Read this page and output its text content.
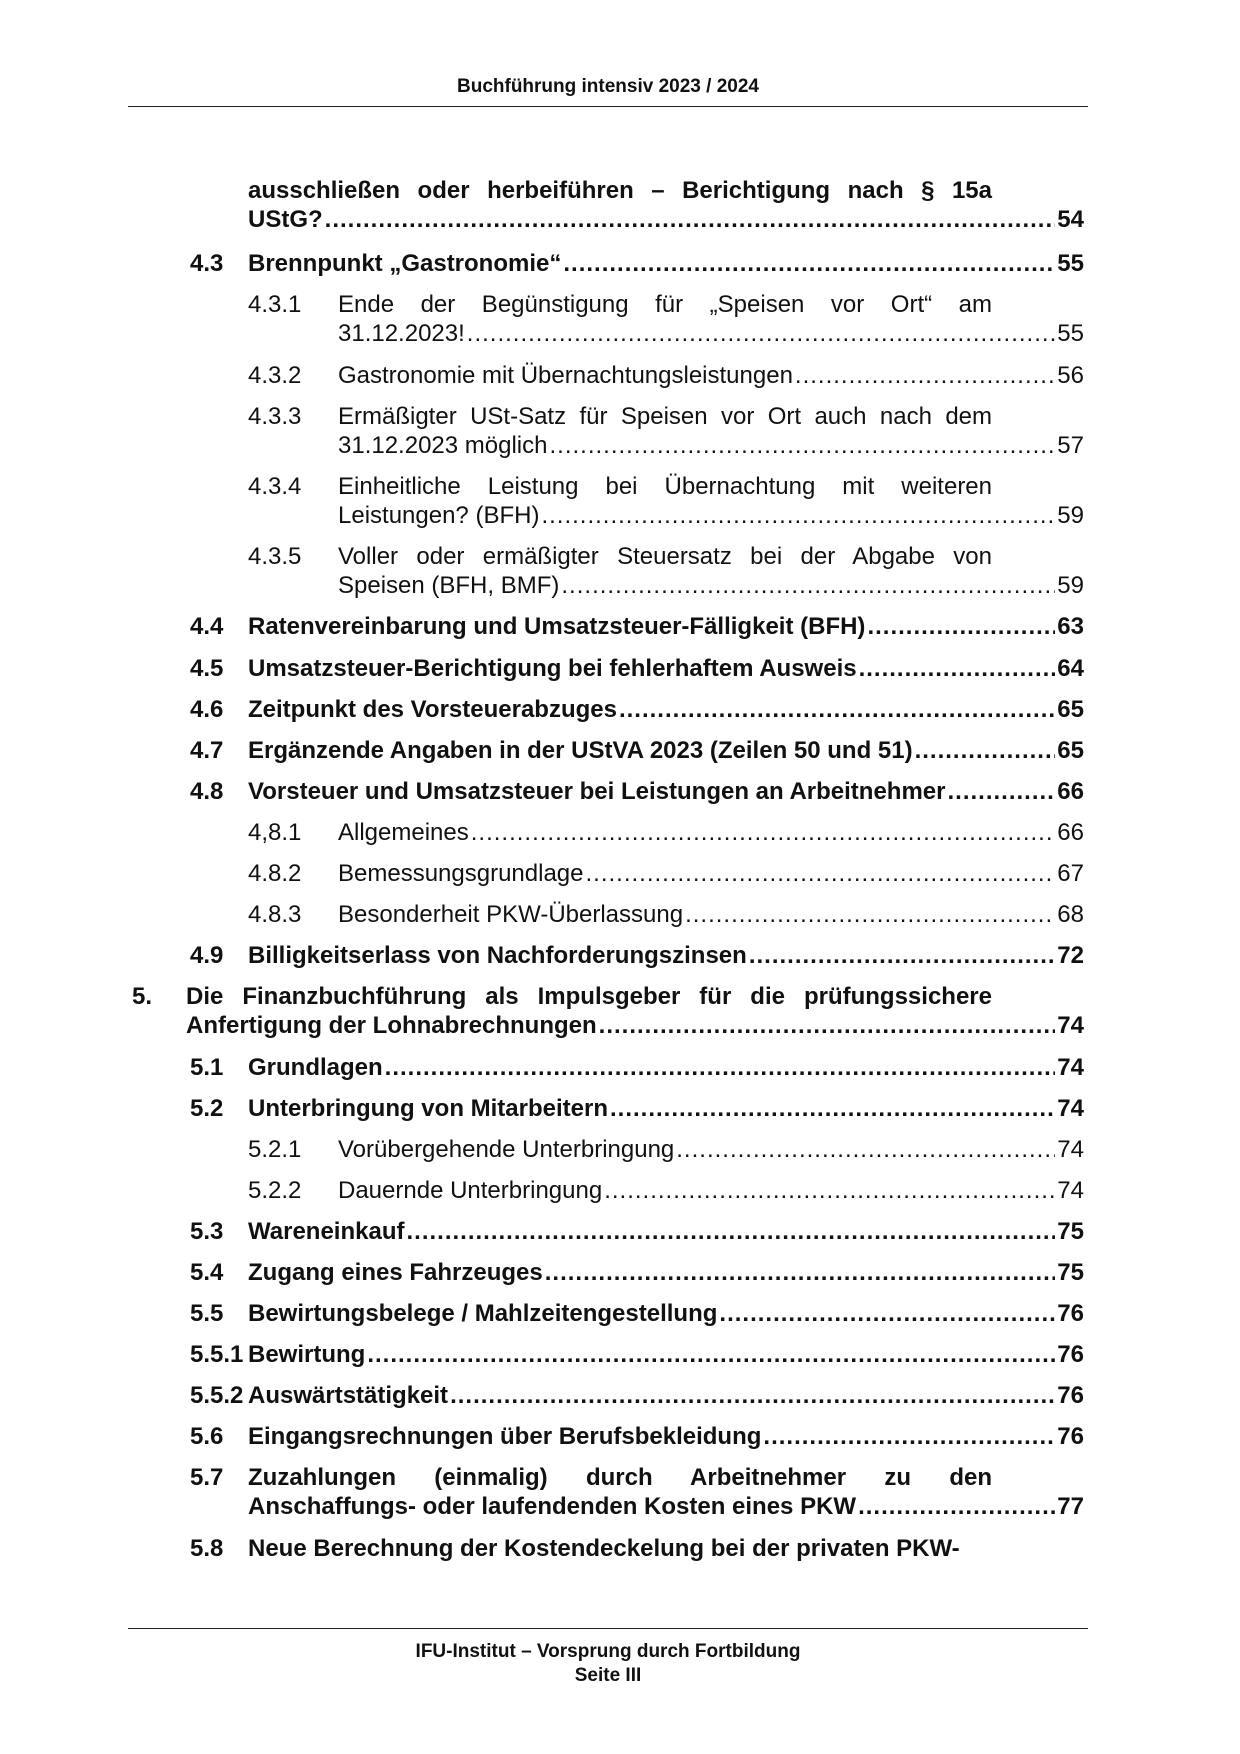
Buchführung intensiv 2023 / 2024
ausschließen oder herbeiführen – Berichtigung nach § 15a
UStG? .....	54
4.3 Brennpunkt „Gastronomie“ .....	55
4.3.1 Ende der Begünstigung für „Speisen vor Ort“ am
31.12.2023! .....	55
4.3.2 Gastronomie mit Übernachtungsleistungen .....	56
4.3.3 Ermäßigter USt-Satz für Speisen vor Ort auch nach dem
31.12.2023 möglich .....	57
4.3.4 Einheitliche Leistung bei Übernachtung mit weiteren
Leistungen? (BFH) .....	59
4.3.5 Voller oder ermäßigter Steuersatz bei der Abgabe von
Speisen (BFH, BMF) .....	59
4.4 Ratenvereinbarung und Umsatzsteuer-Fälligkeit (BFH) .....	63
4.5 Umsatzsteuer-Berichtigung bei fehlerhaftem Ausweis .....	64
4.6 Zeitpunkt des Vorsteuerabzuges .....	65
4.7 Ergänzende Angaben in der UStVA 2023 (Zeilen 50 und 51) .....	65
4.8 Vorsteuer und Umsatzsteuer bei Leistungen an Arbeitnehmer .....	66
4,8.1 Allgemeines .....	66
4.8.2 Bemessungsgrundlage .....	67
4.8.3 Besonderheit PKW-Überlassung .....	68
4.9 Billigkeitserlass von Nachforderungszinsen .....	72
5. Die Finanzbuchführung als Impulsgeber für die prüfungssichere
Anfertigung der Lohnabrechnungen .....	74
5.1 Grundlagen .....	74
5.2 Unterbringung von Mitarbeitern .....	74
5.2.1 Vorübergehende Unterbringung .....	74
5.2.2 Dauernde Unterbringung .....	74
5.3 Wareneinkauf .....	75
5.4 Zugang eines Fahrzeuges .....	75
5.5 Bewirtungsbelege / Mahlzeitengestellung .....	76
5.5.1 Bewirtung .....	76
5.5.2 Auswärtstätigkeit .....	76
5.6 Eingangsrechnungen über Berufsbekleidung .....	76
5.7 Zuzahlungen (einmalig) durch Arbeitnehmer zu den
Anschaffungs- oder laufendenden Kosten eines PKW .....	77
5.8 Neue Berechnung der Kostendeckelung bei der privaten PKW-
IFU-Institut – Vorsprung durch Fortbildung
Seite III
